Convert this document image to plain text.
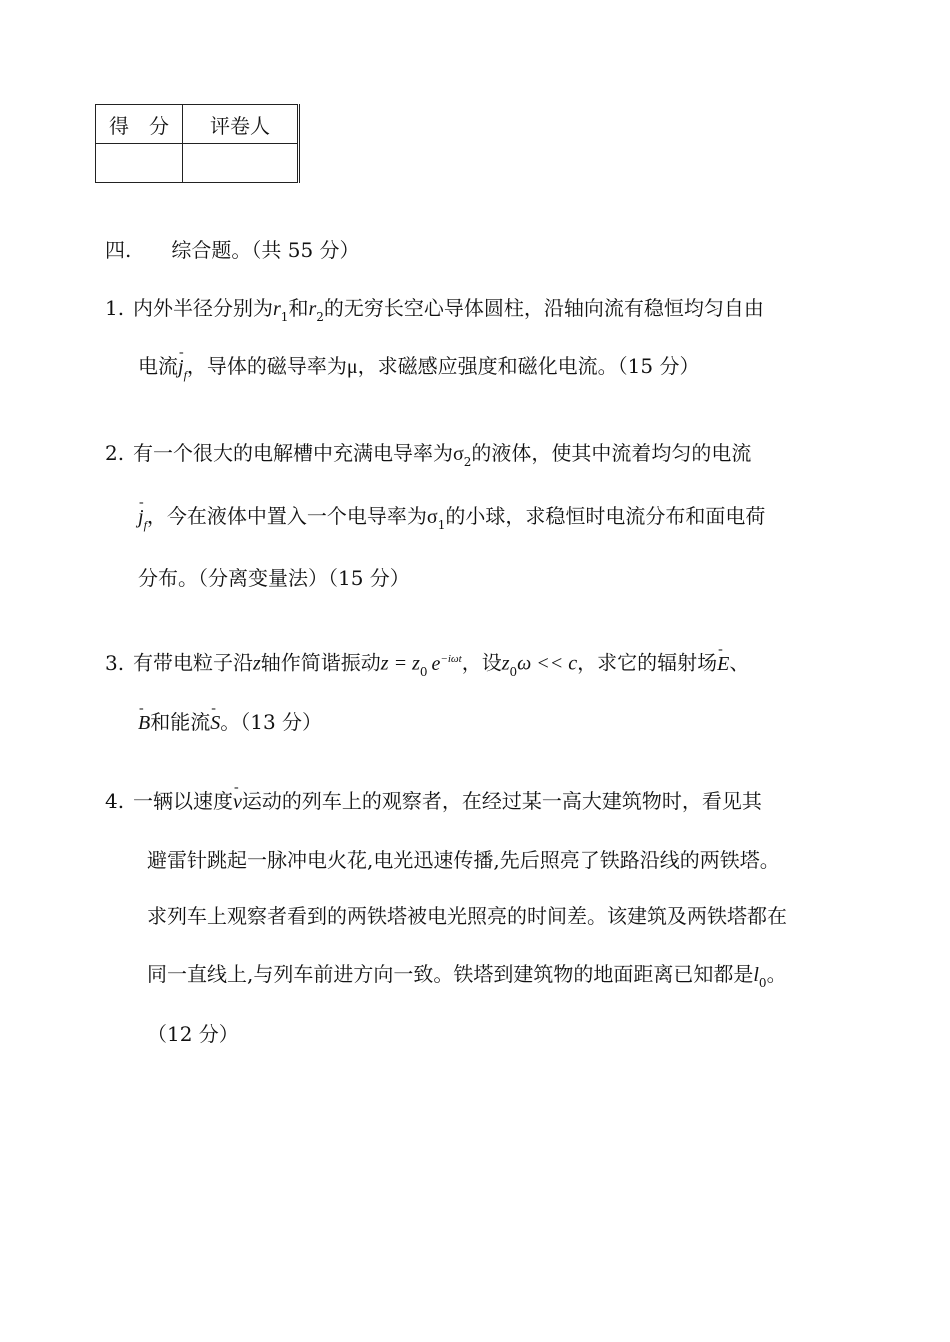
得　分	评卷人

四.　　综合题。（共 55 分）
1. 内外半径分别为$r_1$和$r_2$的无穷长空心导体圆柱，沿轴向流有稳恒均匀自由
电流- $j_f$，导体的磁导率为μ，求磁感应强度和磁化电流。（15 分）
2. 有一个很大的电解槽中充满电导率为$\sigma_2$的液体，使其中流着均匀的电流
- $j_f$，今在液体中置入一个电导率为$\sigma_1$的小球，求稳恒时电流分布和面电荷
分布。（分离变量法）（15 分）
3. 有带电粒子沿z轴作简谐振动$z = z_0$ $e^{-i\omega t}$，设$z_0\omega << c$，求它的辐射场- E、
- B和能流- S。（13 分）
4. 一辆以速度- v运动的列车上的观察者，在经过某一高大建筑物时，看见其
避雷针跳起一脉冲电火花,电光迅速传播,先后照亮了铁路沿线的两铁塔。
求列车上观察者看到的两铁塔被电光照亮的时间差。该建筑及两铁塔都在
同一直线上,与列车前进方向一致。铁塔到建筑物的地面距离已知都是$l_0$。
（12 分）
